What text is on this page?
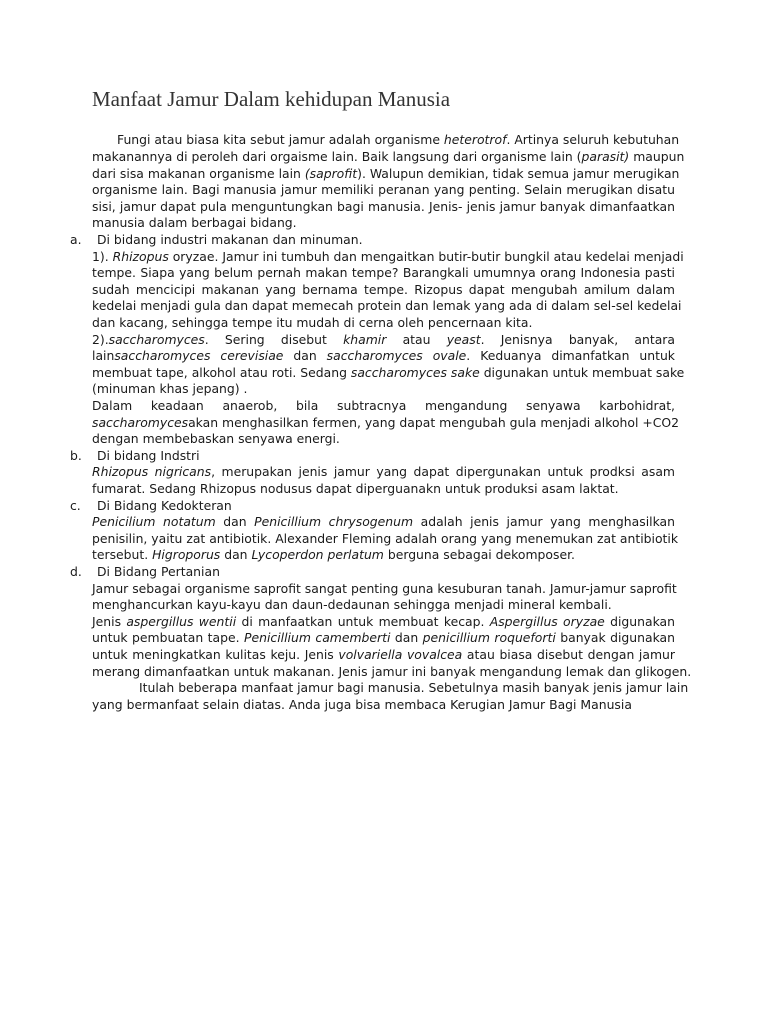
Manfaat Jamur Dalam kehidupan Manusia
Fungi atau biasa kita sebut jamur adalah organisme heterotrof. Artinya seluruh kebutuhan
makanannya di peroleh dari orgaisme lain. Baik langsung dari organisme lain (parasit) maupun
dari sisa makanan organisme lain (saprofit). Walupun demikian, tidak semua jamur merugikan
organisme lain. Bagi manusia jamur memiliki peranan yang penting. Selain merugikan disatu
sisi, jamur dapat pula menguntungkan bagi manusia. Jenis- jenis jamur banyak dimanfaatkan
manusia dalam berbagai bidang.
a.	Di bidang industri makanan dan minuman.
1). Rhizopus oryzae. Jamur ini tumbuh dan mengaitkan butir-butir bungkil atau kedelai menjadi
tempe. Siapa yang belum pernah makan tempe? Barangkali umumnya orang Indonesia pasti
sudah mencicipi makanan yang bernama tempe. Rizopus dapat mengubah amilum dalam
kedelai menjadi gula dan dapat memecah protein dan lemak yang ada di dalam sel-sel kedelai
dan kacang, sehingga tempe itu mudah di cerna oleh pencernaan kita.
2).saccharomyces. Sering disebut khamir atau yeast. Jenisnya banyak, antara
lainsaccharomyces cerevisiae dan saccharomyces ovale. Keduanya dimanfatkan untuk
membuat tape, alkohol atau roti. Sedang saccharomyces sake digunakan untuk membuat sake
(minuman khas jepang) .
Dalam keadaan anaerob, bila subtracnya mengandung senyawa karbohidrat,
saccharomycesakan menghasilkan fermen, yang dapat mengubah gula menjadi alkohol +CO2
dengan membebaskan senyawa energi.
b.	Di bidang Indstri
Rhizopus nigricans, merupakan jenis jamur yang dapat dipergunakan untuk prodksi asam
fumarat. Sedang Rhizopus nodusus dapat diperguanakn untuk produksi asam laktat.
c.	Di Bidang Kedokteran
Penicilium notatum dan Penicillium chrysogenum adalah jenis jamur yang menghasilkan
penisilin, yaitu zat antibiotik. Alexander Fleming adalah orang yang menemukan zat antibiotik
tersebut. Higroporus dan Lycoperdon perlatum berguna sebagai dekomposer.
d.	Di Bidang Pertanian
Jamur sebagai organisme saprofit sangat penting guna kesuburan tanah. Jamur-jamur saprofit
menghancurkan kayu-kayu dan daun-dedaunan sehingga menjadi mineral kembali.
Jenis aspergillus wentii di manfaatkan untuk membuat kecap. Aspergillus oryzae digunakan
untuk pembuatan tape. Penicillium camemberti dan penicillium roqueforti banyak digunakan
untuk meningkatkan kulitas keju. Jenis volvariella vovalcea atau biasa disebut dengan jamur
merang dimanfaatkan untuk makanan. Jenis jamur ini banyak mengandung lemak dan glikogen.
Itulah beberapa manfaat jamur bagi manusia. Sebetulnya masih banyak jenis jamur lain
yang bermanfaat selain diatas. Anda juga bisa membaca Kerugian Jamur Bagi Manusia
